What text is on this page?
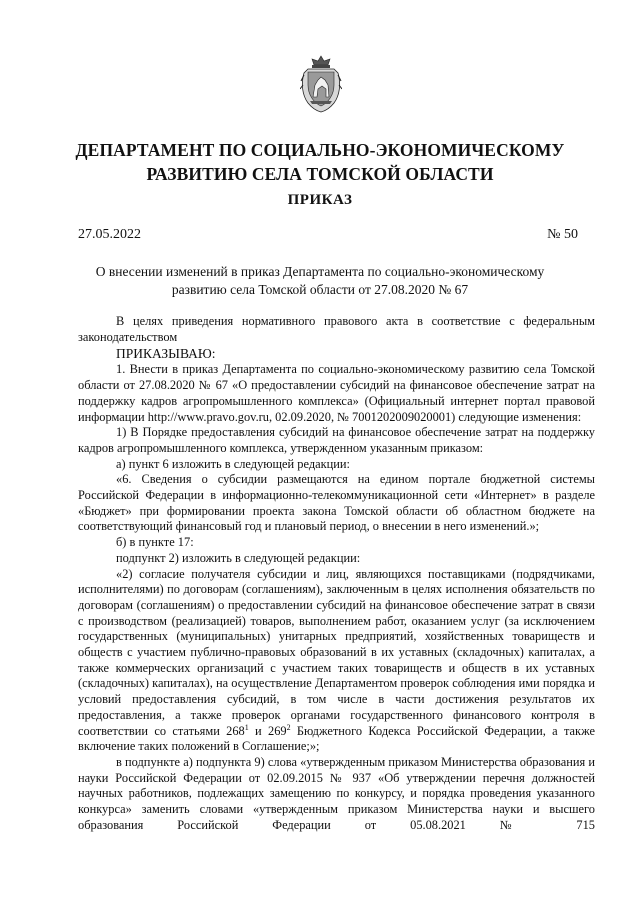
ДЕПАРТАМЕНТ ПО СОЦИАЛЬНО-ЭКОНОМИЧЕСКОМУ
РАЗВИТИЮ СЕЛА ТОМСКОЙ ОБЛАСТИ
ПРИКАЗ
27.05.2022	№ 50
О внесении изменений в приказ Департамента по социально-экономическому
развитию села Томской области от 27.08.2020 № 67

В целях приведения нормативного правового акта в соответствие с федеральным законодательством

ПРИКАЗЫВАЮ:

1. Внести в приказ Департамента по социально-экономическому развитию села Томской области от 27.08.2020 № 67 «О предоставлении субсидий на финансовое обеспечение затрат на поддержку кадров агропромышленного комплекса» (Официальный интернет портал правовой информации http://www.pravo.gov.ru, 02.09.2020, № 7001202009020001) следующие изменения:

1) В Порядке предоставления субсидий на финансовое обеспечение затрат на поддержку кадров агропромышленного комплекса, утвержденном указанным приказом:

а) пункт 6 изложить в следующей редакции:

«6. Сведения о субсидии размещаются на едином портале бюджетной системы Российской Федерации в информационно-телекоммуникационной сети «Интернет» в разделе «Бюджет» при формировании проекта закона Томской области об областном бюджете на соответствующий финансовый год и плановый период, о внесении в него изменений.»;

б) в пункте 17:

подпункт 2) изложить в следующей редакции:

«2) согласие получателя субсидии и лиц, являющихся поставщиками (подрядчиками, исполнителями) по договорам (соглашениям), заключенным в целях исполнения обязательств по договорам (соглашениям) о предоставлении субсидий на финансовое обеспечение затрат в связи с производством (реализацией) товаров, выполнением работ, оказанием услуг (за исключением государственных (муниципальных) унитарных предприятий, хозяйственных товариществ и обществ с участием публично-правовых образований в их уставных (складочных) капиталах, а также коммерческих организаций с участием таких товариществ и обществ в их уставных (складочных) капиталах), на осуществление Департаментом проверок соблюдения ими порядка и условий предоставления субсидий, в том числе в части достижения результатов их предоставления, а также проверок органами государственного финансового контроля в соответствии со статьями $268^1$ и $269^2$ Бюджетного Кодекса Российской Федерации, а также включение таких положений в Соглашение;»;

в подпункте а) подпункта 9) слова «утвержденным приказом Министерства образования и науки Российской Федерации от 02.09.2015 № 937 «Об утверждении перечня должностей научных работников, подлежащих замещению по конкурсу, и порядка проведения указанного конкурса» заменить словами «утвержденным приказом Министерства науки и высшего образования Российской Федерации от 05.08.2021 № 715
